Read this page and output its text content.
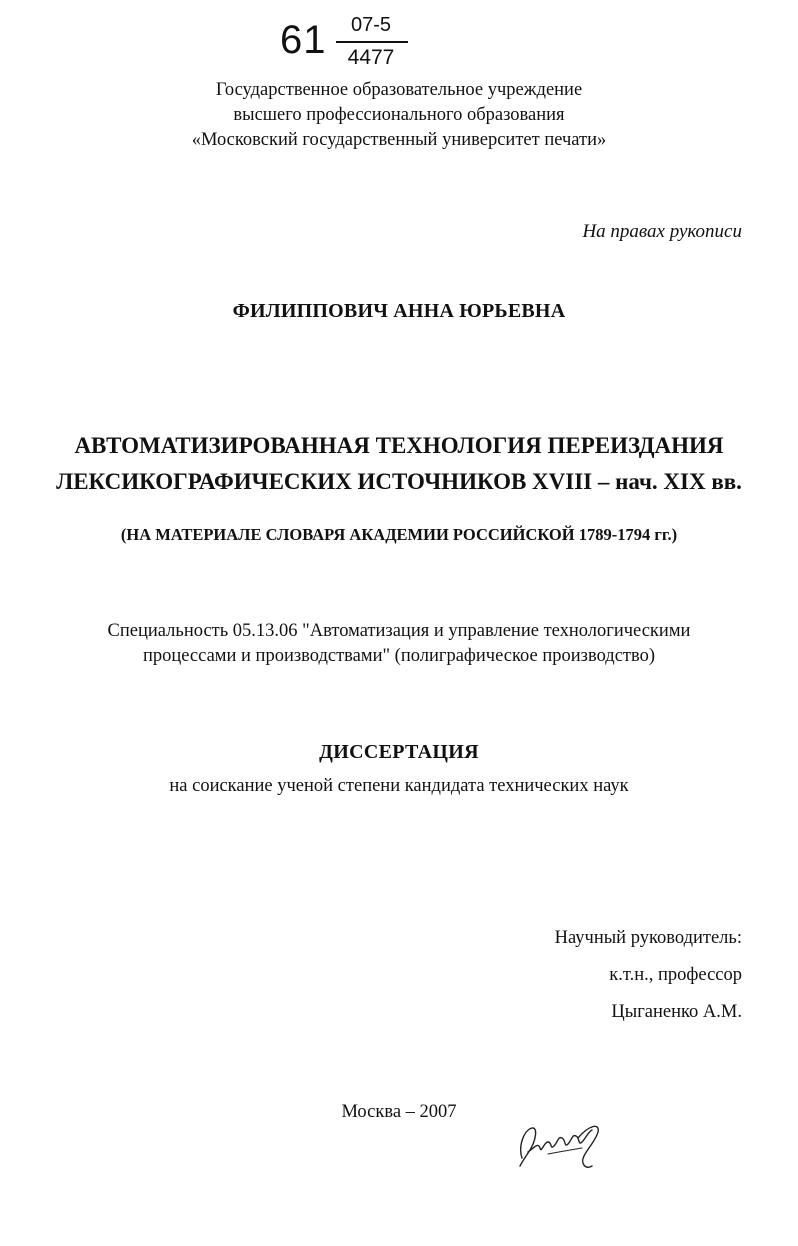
61	07-5
4477
Государственное образовательное учреждение
высшего профессионального образования
«Московский государственный университет печати»
На правах рукописи
ФИЛИППОВИЧ АННА ЮРЬЕВНА
АВТОМАТИЗИРОВАННАЯ ТЕХНОЛОГИЯ ПЕРЕИЗДАНИЯ
ЛЕКСИКОГРАФИЧЕСКИХ ИСТОЧНИКОВ XVIII – нач. XIX вв.
(НА МАТЕРИАЛЕ СЛОВАРЯ АКАДЕМИИ РОССИЙСКОЙ 1789-1794 гг.)
Специальность 05.13.06 "Автоматизация и управление технологическими
процессами и производствами" (полиграфическое производство)
ДИССЕРТАЦИЯ
на соискание ученой степени кандидата технических наук
Научный руководитель:
к.т.н., профессор
Цыганенко А.М.
Москва – 2007
